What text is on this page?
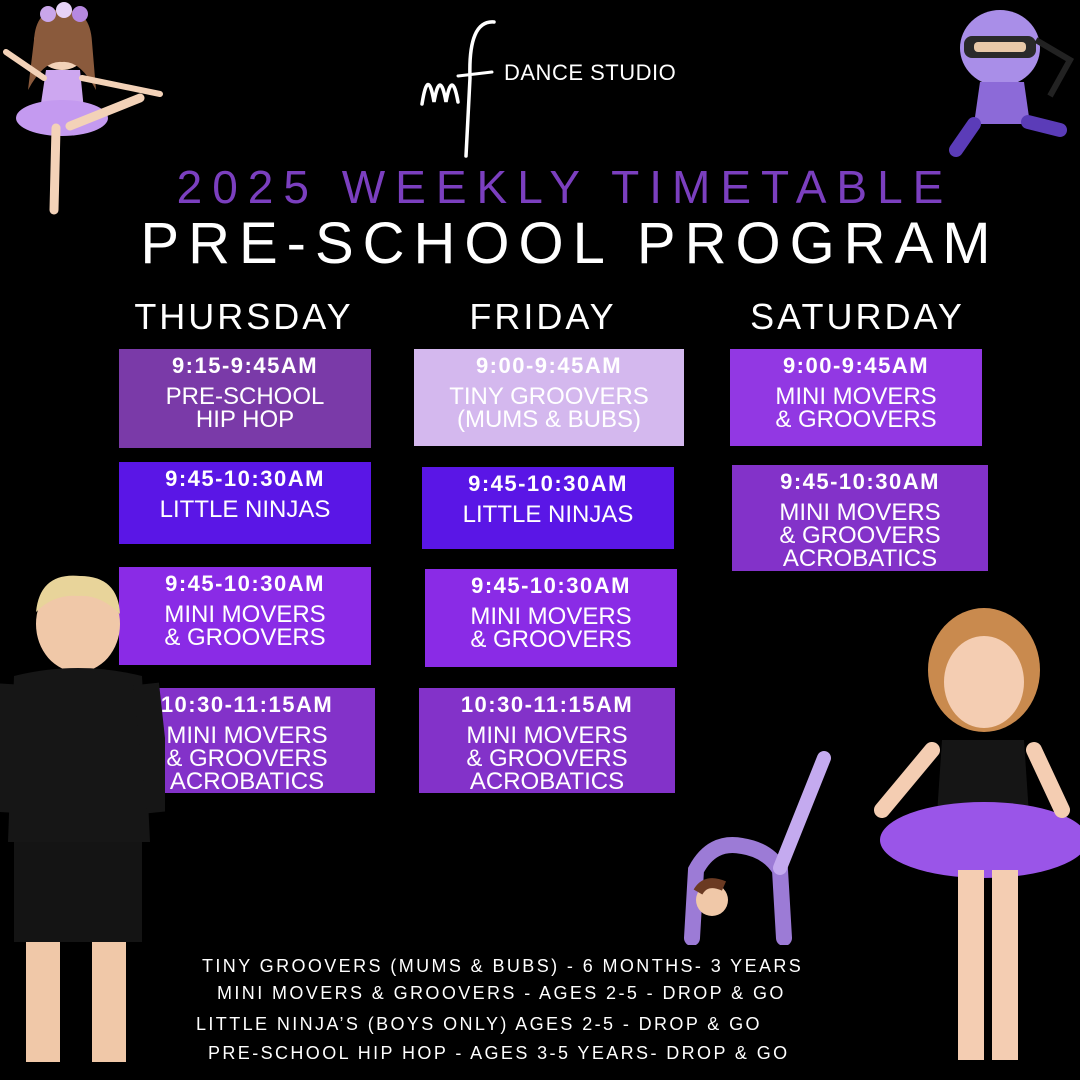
DANCE STUDIO
2025 WEEKLY TIMETABLE
PRE-SCHOOL PROGRAM
THURSDAY	FRIDAY	SATURDAY
9:15-9:45AM
PRE-SCHOOL
HIP HOP
9:45-10:30AM
LITTLE NINJAS
9:45-10:30AM
MINI MOVERS
& GROOVERS
10:30-11:15AM
MINI MOVERS
& GROOVERS
ACROBATICS
9:00-9:45AM
TINY GROOVERS
(MUMS & BUBS)
9:45-10:30AM
LITTLE NINJAS
9:45-10:30AM
MINI MOVERS
& GROOVERS
10:30-11:15AM
MINI MOVERS
& GROOVERS
ACROBATICS
9:00-9:45AM
MINI MOVERS
& GROOVERS
9:45-10:30AM
MINI MOVERS
& GROOVERS
ACROBATICS
TINY GROOVERS (MUMS & BUBS) - 6 MONTHS- 3 YEARS
MINI MOVERS & GROOVERS - AGES 2-5 - DROP & GO
LITTLE NINJA’S (BOYS ONLY) AGES 2-5 - DROP & GO
PRE-SCHOOL HIP HOP - AGES 3-5 YEARS- DROP & GO
